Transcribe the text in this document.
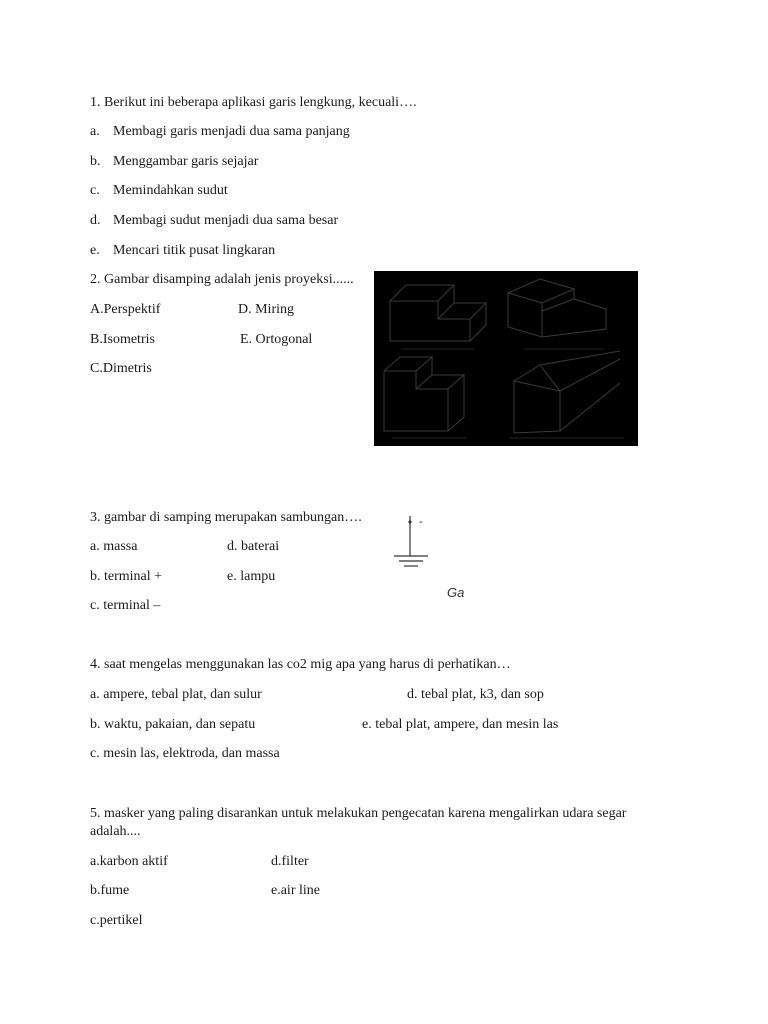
1. Berikut ini beberapa aplikasi garis lengkung, kecuali….
a. Membagi garis menjadi dua sama panjang
b. Menggambar garis sejajar
c. Memindahkan sudut
d. Membagi sudut menjadi dua sama besar
e. Mencari titik pusat lingkaran
2. Gambar disamping adalah jenis proyeksi......
A.Perspektif	D. Miring
B.Isometris	E. Ortogonal
C.Dimetris
3. gambar di samping merupakan sambungan….
a. massa	d. baterai
b. terminal +	e. lampu
c. terminal –
-
Ga
4. saat mengelas menggunakan las co2 mig apa yang harus di perhatikan…
a. ampere, tebal plat, dan sulur	d. tebal plat, k3, dan sop
b. waktu, pakaian, dan sepatu	e. tebal plat, ampere, dan mesin las
c. mesin las, elektroda, dan massa
5. masker yang paling disarankan untuk melakukan pengecatan karena mengalirkan udara segar
adalah....
a.karbon aktif	d.filter
b.fume	e.air line
c.pertikel
